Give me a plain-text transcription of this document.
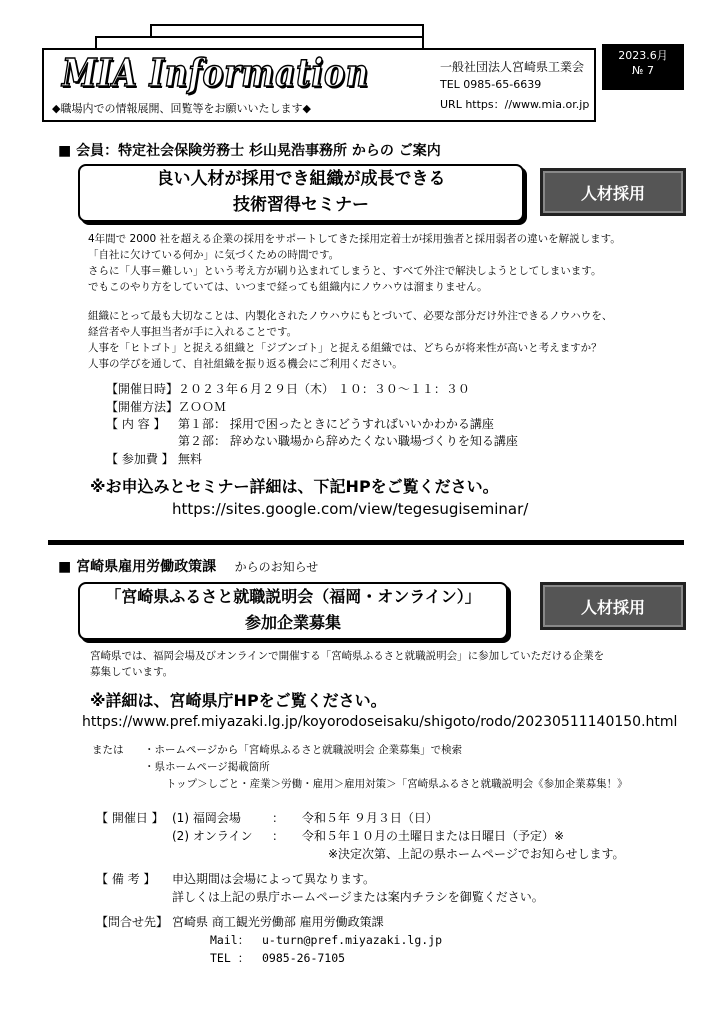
MIA Information
◆職場内での情報展開、回覧等をお願いいたします◆
一般社団法人宮崎県工業会
TEL 0985-65-6639
URL https：//www.mia.or.jp
2023.6月
№ 7
■ 会員：特定社会保険労務士 杉山晃浩事務所 からの ご案内
良い人材が採用でき組織が成長できる
技術習得セミナー
人材採用
4年間で 2000 社を超える企業の採用をサポートしてきた採用定着士が採用強者と採用弱者の違いを解説します。
「自社に欠けている何か」に気づくための時間です。
さらに「人事＝難しい」という考え方が刷り込まれてしまうと、すべて外注で解決しようとしてしまいます。
でもこのやり方をしていては、いつまで経っても組織内にノウハウは溜まりません。
組織にとって最も大切なことは、内製化されたノウハウにもとづいて、必要な部分だけ外注できるノウハウを、
経営者や人事担当者が手に入れることです。
人事を「ヒトゴト」と捉える組織と「ジブンゴト」と捉える組織では、どちらが将来性が高いと考えますか？
人事の学びを通して、自社組織を振り返る機会にご利用ください。
【開催日時】 ２０２３年６月２９日（木） １０：３０～１１：３０
【開催方法】 ＺＯＯＭ
【 内 容 】 第１部： 採用で困ったときにどうすればいいかわかる講座
第２部： 辞めない職場から辞めたくない職場づくりを知る講座
【 参加費 】 無料
※お申込みとセミナー詳細は、下記HPをご覧ください。
https://sites.google.com/view/tegesugiseminar/
■ 宮崎県雇用労働政策課 からのお知らせ
「宮崎県ふるさと就職説明会（福岡・オンライン）」
参加企業募集
人材採用
宮崎県では、福岡会場及びオンラインで開催する「宮崎県ふるさと就職説明会」に参加していただける企業を
募集しています。
※詳細は、宮崎県庁HPをご覧ください。
https://www.pref.miyazaki.lg.jp/koyorodoseisaku/shigoto/rodo/20230511140150.html
または ・ホームページから「宮崎県ふるさと就職説明会 企業募集」で検索
・県ホームページ掲載箇所
トップ＞しごと・産業＞労働・雇用＞雇用対策＞「宮崎県ふるさと就職説明会《参加企業募集！》
【 開催日 】 (1) 福岡会場	： 令和５年 ９月３日（日）
(2) オンライン ： 令和５年１０月の土曜日または日曜日（予定）※
※決定次第、上記の県ホームページでお知らせします。
【 備 考 】 申込期間は会場によって異なります。
詳しくは上記の県庁ホームページまたは案内チラシを御覧ください。
【問合せ先】 宮崎県 商工観光労働部 雇用労働政策課
Mail： u-turn@pref.miyazaki.lg.jp
TEL ： 0985-26-7105
